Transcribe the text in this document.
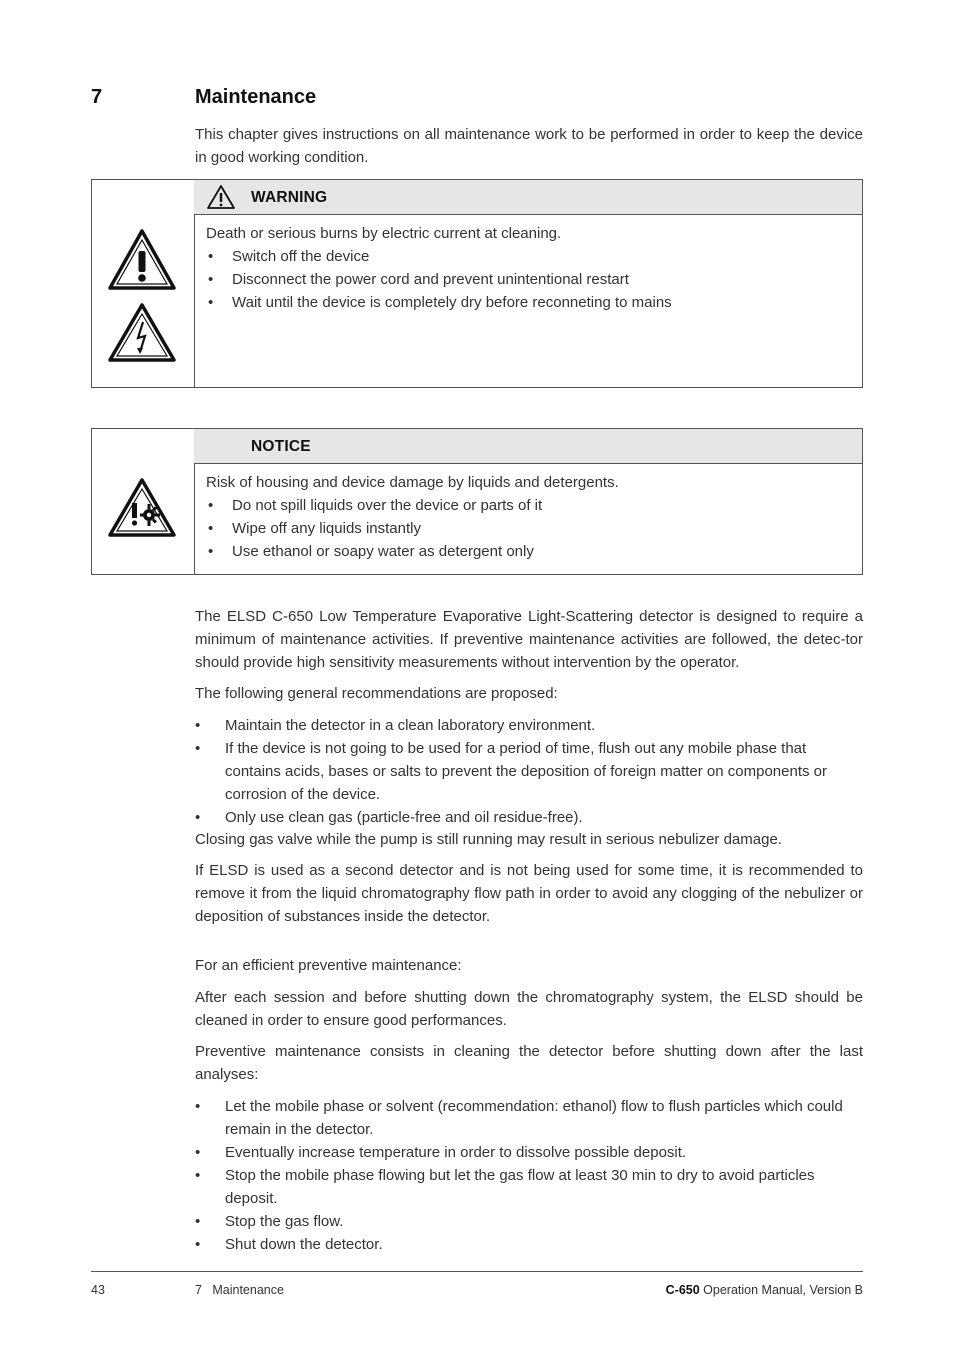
7	Maintenance
This chapter gives instructions on all maintenance work to be performed in order to keep the device in good working condition.
WARNING
Death or serious burns by electric current at cleaning.
• Switch off the device
• Disconnect the power cord and prevent unintentional restart
• Wait until the device is completely dry before reconneting to mains
NOTICE
Risk of housing and device damage by liquids and detergents.
• Do not spill liquids over the device or parts of it
• Wipe off any liquids instantly
• Use ethanol or soapy water as detergent only
The ELSD C-650 Low Temperature Evaporative Light-Scattering detector is designed to require a minimum of maintenance activities. If preventive maintenance activities are followed, the detec-tor should provide high sensitivity measurements without intervention by the operator.
The following general recommendations are proposed:
• Maintain the detector in a clean laboratory environment.
• If the device is not going to be used for a period of time, flush out any mobile phase that contains acids, bases or salts to prevent the deposition of foreign matter on components or corrosion of the device.
• Only use clean gas (particle-free and oil residue-free).
Closing gas valve while the pump is still running may result in serious nebulizer damage.
If ELSD is used as a second detector and is not being used for some time, it is recommended to remove it from the liquid chromatography flow path in order to avoid any clogging of the nebulizer or deposition of substances inside the detector.
For an efficient preventive maintenance:
After each session and before shutting down the chromatography system, the ELSD should be cleaned in order to ensure good performances.
Preventive maintenance consists in cleaning the detector before shutting down after the last analyses:
• Let the mobile phase or solvent (recommendation: ethanol) flow to flush particles which could remain in the detector.
• Eventually increase temperature in order to dissolve possible deposit.
• Stop the mobile phase flowing but let the gas flow at least 30 min to dry to avoid particles deposit.
• Stop the gas flow.
• Shut down the detector.
43	7   Maintenance	C-650 Operation Manual, Version B
